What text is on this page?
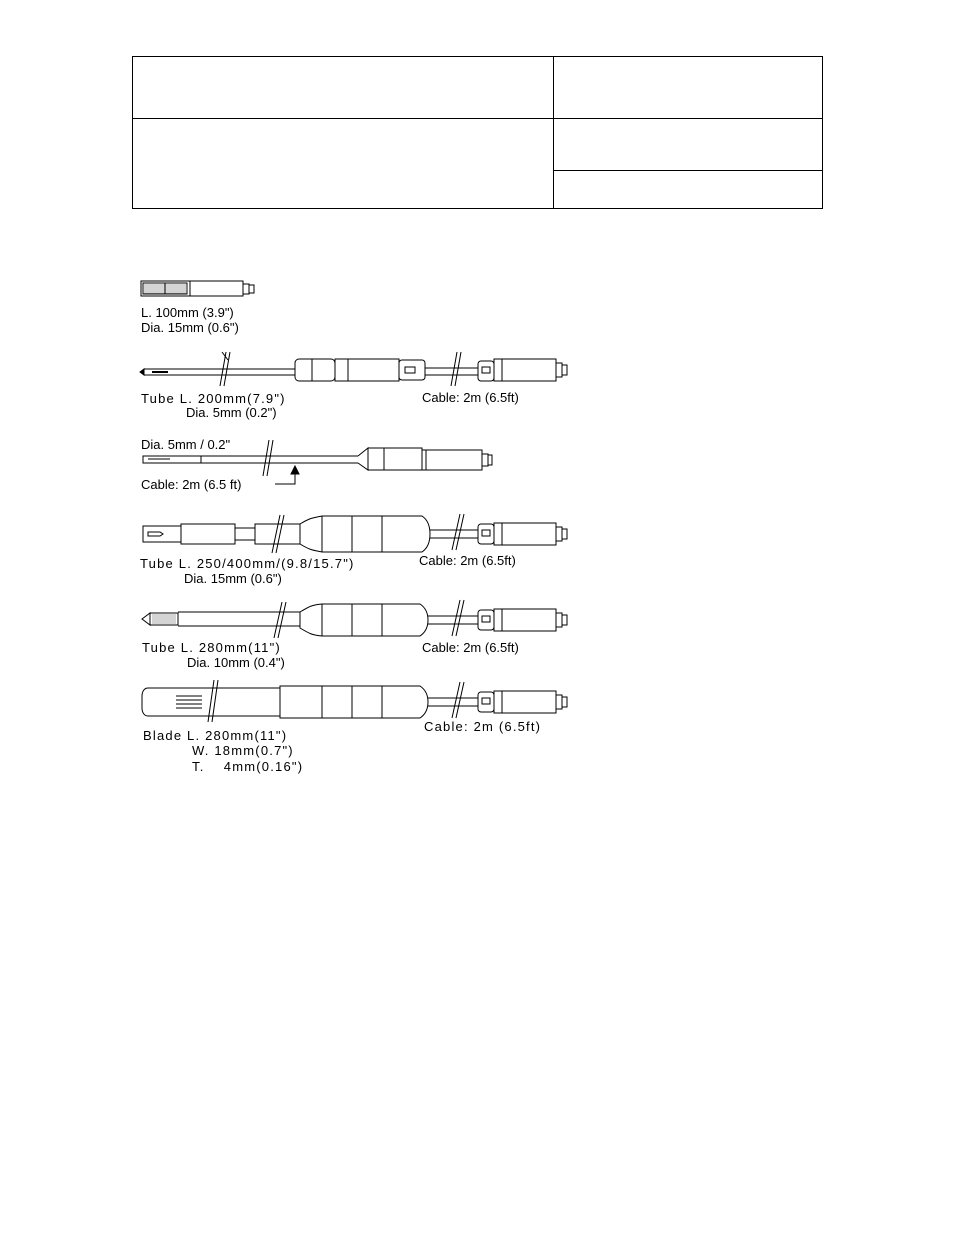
L. 100mm (3.9")
Dia. 15mm (0.6")
Tube L. 200mm(7.9")
Dia. 5mm (0.2")
Cable: 2m (6.5ft)
Dia. 5mm / 0.2"
Cable: 2m (6.5 ft)
Tube L. 250/400mm/(9.8/15.7")
Dia. 15mm (0.6")
Cable: 2m (6.5ft)
Tube L. 280mm(11")
Dia. 10mm (0.4")
Cable: 2m (6.5ft)
Blade L. 280mm(11")
W. 18mm(0.7")
T.    4mm(0.16")
Cable: 2m (6.5ft)
